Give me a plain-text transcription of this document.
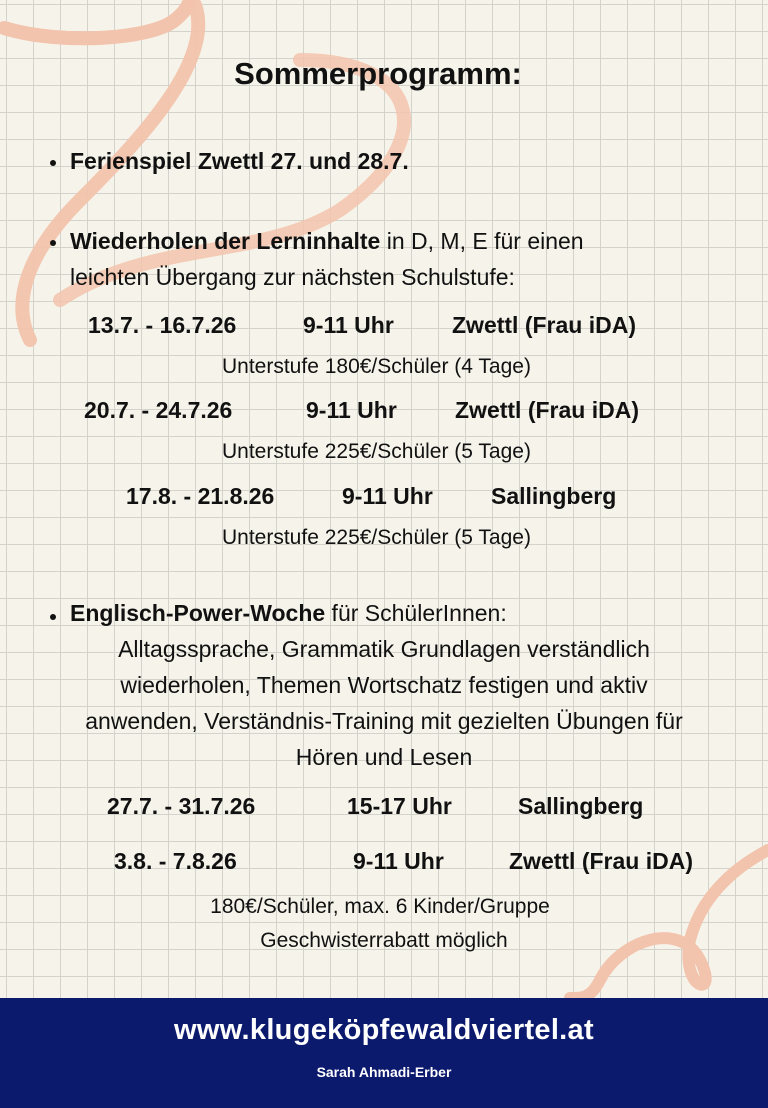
Sommerprogramm:
Ferienspiel Zwettl 27. und 28.7.
Wiederholen der Lerninhalte in D, M, E für einen
leichten Übergang zur nächsten Schulstufe:
13.7. - 16.7.26	9-11 Uhr	Zwettl (Frau iDA)
Unterstufe 180€/Schüler (4 Tage)
20.7. - 24.7.26	9-11 Uhr	Zwettl (Frau iDA)
Unterstufe 225€/Schüler (5 Tage)
17.8. - 21.8.26	9-11 Uhr	Sallingberg
Unterstufe 225€/Schüler (5 Tage)
Englisch-Power-Woche für SchülerInnen:
Alltagssprache, Grammatik Grundlagen verständlich
wiederholen, Themen Wortschatz festigen und aktiv
anwenden, Verständnis-Training mit gezielten Übungen für
Hören und Lesen
27.7. - 31.7.26	15-17 Uhr	Sallingberg
3.8. - 7.8.26	9-11 Uhr	Zwettl (Frau iDA)
180€/Schüler, max. 6 Kinder/Gruppe
Geschwisterrabatt möglich
www.klugeköpfewaldviertel.at
Sarah Ahmadi-Erber
